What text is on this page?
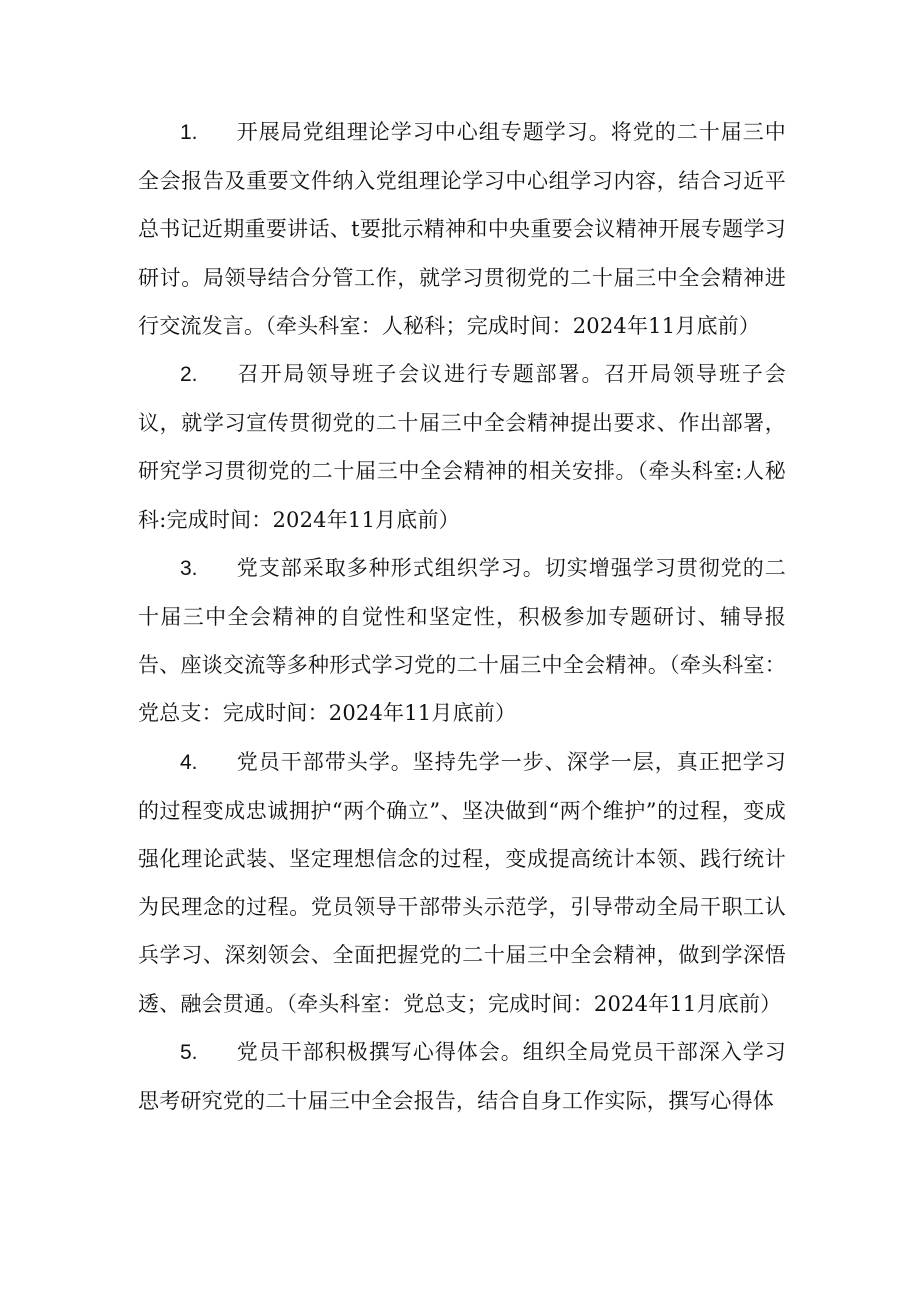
1. 开展局党组理论学习中心组专题学习。将党的二十届三中全会报告及重要文件纳入党组理论学习中心组学习内容，结合习近平总书记近期重要讲话、t要批示精神和中央重要会议精神开展专题学习研讨。局领导结合分管工作，就学习贯彻党的二十届三中全会精神进行交流发言。（牵头科室：人秘科；完成时间：2024年11月底前）

2. 召开局领导班子会议进行专题部署。召开局领导班子会议，就学习宣传贯彻党的二十届三中全会精神提出要求、作出部署，研究学习贯彻党的二十届三中全会精神的相关安排。（牵头科室:人秘科:完成时间：2024年11月底前）

3. 党支部采取多种形式组织学习。切实增强学习贯彻党的二十届三中全会精神的自觉性和坚定性，积极参加专题研讨、辅导报告、座谈交流等多种形式学习党的二十届三中全会精神。（牵头科室：党总支：完成时间：2024年11月底前）

4. 党员干部带头学。坚持先学一步、深学一层，真正把学习的过程变成忠诚拥护“两个确立”、坚决做到“两个维护”的过程，变成强化理论武装、坚定理想信念的过程，变成提高统计本领、践行统计为民理念的过程。党员领导干部带头示范学，引导带动全局干职工认兵学习、深刻领会、全面把握党的二十届三中全会精神，做到学深悟透、融会贯通。（牵头科室：党总支；完成时间：2024年11月底前）

5. 党员干部积极撰写心得体会。组织全局党员干部深入学习思考研究党的二十届三中全会报告，结合自身工作实际，撰写心得体
